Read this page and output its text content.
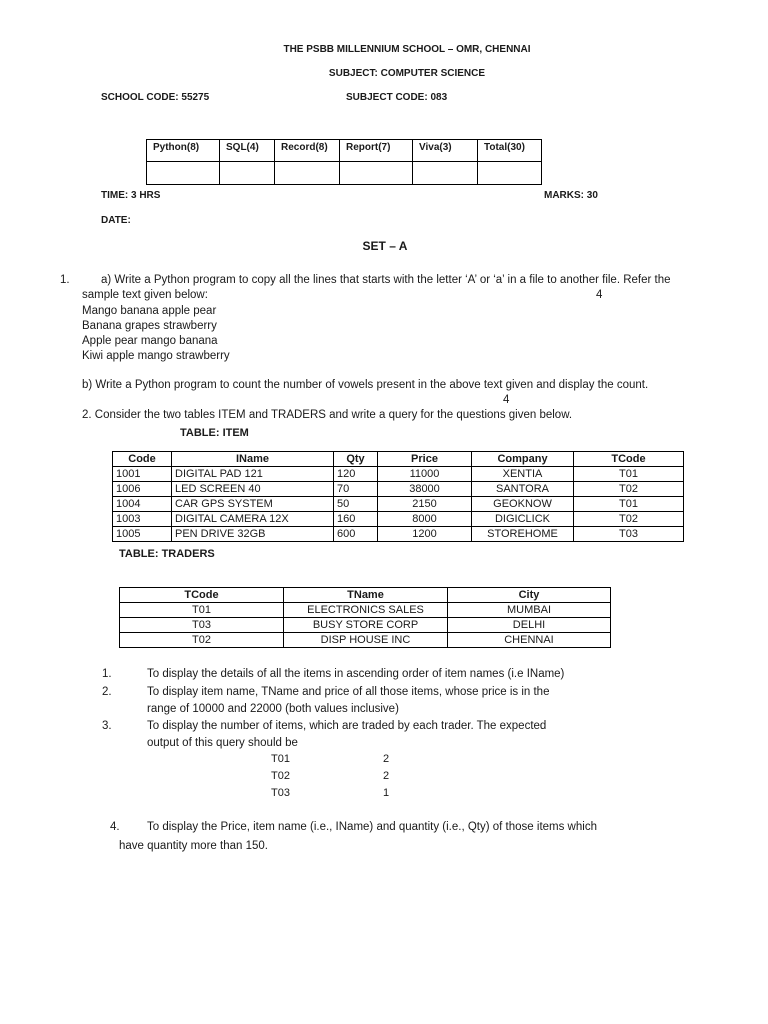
THE PSBB MILLENNIUM SCHOOL – OMR, CHENNAI
SUBJECT: COMPUTER SCIENCE
SCHOOL CODE: 55275	SUBJECT CODE: 083
Python(8)	SQL(4)	Record(8)	Report(7)	Viva(3)	Total(30)

TIME: 3 HRS	MARKS: 30
DATE:
SET – A
1.	a) Write a Python program to copy all the lines that starts with the letter ‘A’ or ‘a’ in a file to another file. Refer the
sample text given below:	4
Mango banana apple pear
Banana grapes strawberry
Apple pear mango banana
Kiwi apple mango strawberry
b) Write a Python program to count the number of vowels present in the above text given and display the count.
4
2. Consider the two tables ITEM and TRADERS and write a query for the questions given below.
TABLE: ITEM
Code	IName	Qty	Price	Company	TCode
1001	DIGITAL PAD 121	120	11000	XENTIA	T01
1006	LED SCREEN 40	70	38000	SANTORA	T02
1004	CAR GPS SYSTEM	50	2150	GEOKNOW	T01
1003	DIGITAL CAMERA 12X	160	8000	DIGICLICK	T02
1005	PEN DRIVE 32GB	600	1200	STOREHOME	T03
TABLE: TRADERS
TCode	TName	City
T01	ELECTRONICS SALES	MUMBAI
T03	BUSY STORE CORP	DELHI
T02	DISP HOUSE INC	CHENNAI
1.	To display the details of all the items in ascending order of item names (i.e IName)
2.	To display item name, TName and price of all those items, whose price is in the
range of 10000 and 22000 (both values inclusive)
3.	To display the number of items, which are traded by each trader. The expected
output of this query should be
T01	2
T02	2
T03	1
4. To display the Price, item name (i.e., IName) and quantity (i.e., Qty) of those items which
have quantity more than 150.
